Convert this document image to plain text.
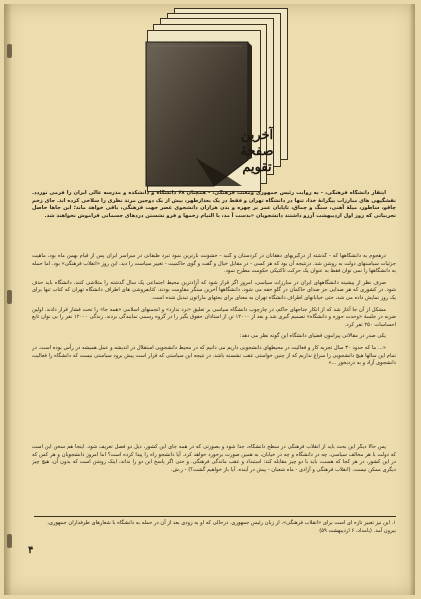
آخرین
صفحهٔ
تقویم

ایتقار دانشگاه فرهنگی، - به روایت رئیس جمهوری ومعثت فرهنگی، - همچنان ۶۸ دانشگاه و دانشکده و مدرسه عالی ایران را فرمی نوردد. نقشگیهی های مبارزات پیگرانهٔ خدا، تنها در دانشگاه تهران و فقط در یک بعدازظهر، بیش از یک دوجین مرتد نظری را سلاخی کرده اند. جای زخم چاقو، ساطور، میلهٔ آهنی، سنگ و چماق، تاپایان عمر بر چهره و بدن هزاران دانشجوی عصر جهت فرهنگی، باقی خواهد ماند؛ این جاها حاصل تجربیاتی که روز اول اردیبهشت آرزو داشتند دانشجویان «بدست آ مد، با التیام زخمها و فرو نشستن دردهای جسمانی فراموش نخواهند شد.

درهجوم به دانشگاهها که - گذشته از درگیریهای دهقانان در کردستان و گنبد - خشونت بارترین نمود تبرد طبقاتی در سراسر ایران پس از قیام بهمن ماه بود، ماهیت جزئیات سیاستهای دولت به روشن شد. درنتیجه آن بود که هر کسی - در مقابل خیال و گفت و گوی حاکمیت - تغییر سیاست را دید. این روز «انقلاب فرهنگی» بود. اما حمله به دانشگاهها را نمی توان فقط به عنوان یک حرکت تاکتیکی حکومت مطرح نمود.

صرف نظر از پیشینه دانشگاههای ایران در مبارزات سیاسی، امروز اگر قرار شود که آزادترین محیط اجتماعی یک سال گذشته را متلاشی کنند، دانشگاه باید حذف شود. در کشوری که هر صدایی جز صدای حاکمان در گلو خفه می شود، دانشگاهها آخرین سنگر مقاومت بودند. کتابفروشی های اطراف دانشگاه تهران که کتاب تنها برای یک روز نمایش داده می شد، حتی خیابانهای اطراف دانشگاه تهران به معنای برای بحثهای ماراتون تبدیل شده است.

مشکل از آن جا آغاز شد که از انکار جناحهای حاکم، در چارچوب دانشگاه سیاسی بر تعلیق «نرد ندارد» و انجمنهای اسلامی «همه جا» را تحت فشار قرار دادند. اولین ضربه در جلسهٔ «وحدت حوزه و دانشگاه» تصمیم گیری شد و بعد از ۱۲۰۰۰ تن از استادان حقوق بگیر را در گروه رسمی نمایندگی بردند. زندگی ۱۲۰۰۰ نفر را بی نوان تابع احساسات ۲۵۰ نفر کرد.

یکی صدر در مقالاتی پیرامون قضیای دانشگاه این گونه نظر می دهد:

«... ما که حدود ۳۰ سال تجربه کار و فعالیت در محیطهای دانشجویی داریم می دانیم که در محیط دانشجویی استقلال در اندیشه و عمل همیشه در رأس بوده است. در تمام این سالها هیچ دانشجویی را سراغ نداریم که از چنین خواستی عقب نشسته باشد. در نتیجه این سیاستی که قرار است پیش برود سیاستی نیست که دانشگاه را فعالیت دانشجوی آزاد و به دردبخور ...»

پس حالا دیگر این بحث باید از انقلاب فرهنگی در سطح دانشگاه، جدا شود و بصورتی که در همه جای این کشور، ذیل دو فصل تعریف شود. اینجا هم سخن این است که دولت با هر مخالف سیاسی، چه در دانشگاه و چه در خیابان، به همین صورت برخورد خواهد کرد. آیا دانشجو راه را پیدا کرده است؟ اما امروز دانشجویان و هر کس که در این کشور، در هر کجا که هست، باید با دو چیز مقابله کند: استبداد و عقب ماندگی فرهنگی. و حتی اگر پاسخ این دو را نداند، اینک روشن است که بدون آن، هیچ چیز دیگری ممکن نیست. (انقلاب فرهنگی و آزادی - ماه شعبان - پیش در آینده. آیا باز خواهیم گشت؟) - ر.ش.

۱. این نیز تعبیر تازه ای است برای «انقلاب فرهنگی»، از زبان رئیس جمهوری. درحالی که او به زودی بعد از آن در حمله به دانشگاه با شعارهای طرفداران جمهوری، بیرون آمد. (بامداد، ۶ اردیبهشت ۵۹)
۴
